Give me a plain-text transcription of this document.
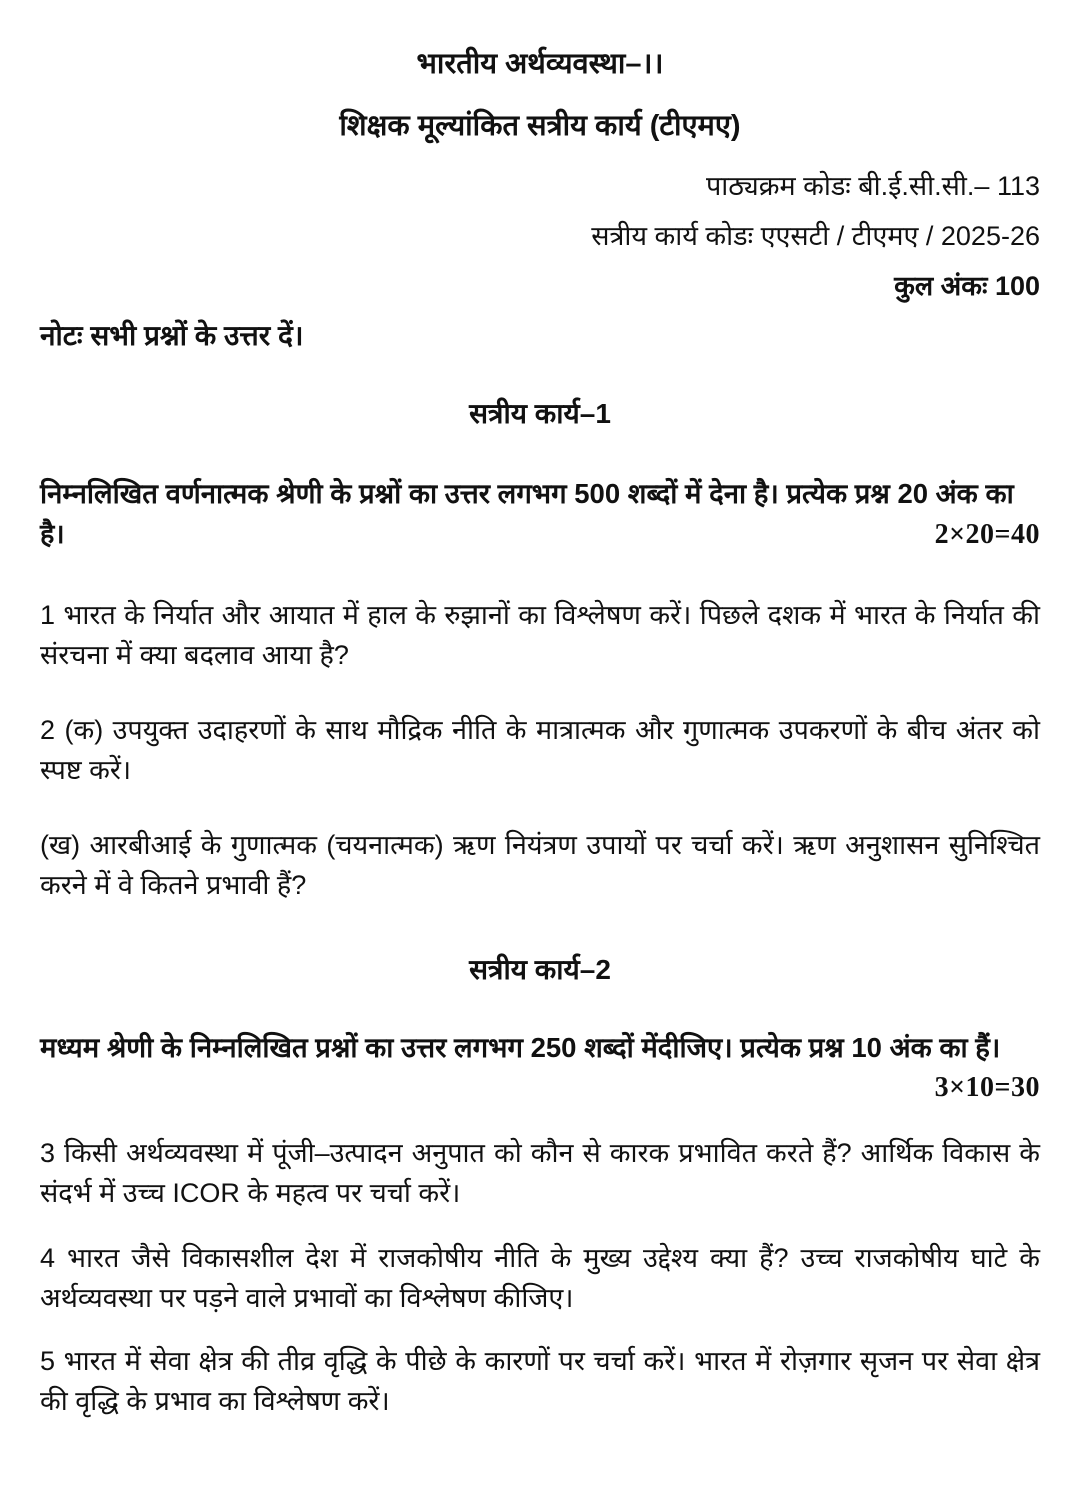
भारतीय अर्थव्यवस्था–।।
शिक्षक मूल्यांकित सत्रीय कार्य (टीएमए)
पाठ्यक्रम कोडः बी.ई.सी.सी.– 113
सत्रीय कार्य कोडः एएसटी / टीएमए / 2025-26
कुल अंकः 100
नोटः सभी प्रश्नों के उत्तर दें।
सत्रीय कार्य–1
निम्नलिखित वर्णनात्मक श्रेणी के प्रश्नों का उत्तर लगभग 500 शब्दों में देना है। प्रत्येक प्रश्न 20 अंक का
है।	2×20=40
1 भारत के निर्यात और आयात में हाल के रुझानों का विश्लेषण करें। पिछले दशक में भारत के निर्यात की संरचना में क्या बदलाव आया है?
2 (क) उपयुक्त उदाहरणों के साथ मौद्रिक नीति के मात्रात्मक और गुणात्मक उपकरणों के बीच अंतर को स्पष्ट करें।
(ख) आरबीआई के गुणात्मक (चयनात्मक) ऋण नियंत्रण उपायों पर चर्चा करें। ऋण अनुशासन सुनिश्चित करने में वे कितने प्रभावी हैं?
सत्रीय कार्य–2
मध्यम श्रेणी के निम्नलिखित प्रश्नों का उत्तर लगभग 250 शब्दों मेंदीजिए। प्रत्येक प्रश्न 10 अंक का हैं।
3×10=30
3 किसी अर्थव्यवस्था में पूंजी–उत्पादन अनुपात को कौन से कारक प्रभावित करते हैं? आर्थिक विकास के संदर्भ में उच्च ICOR के महत्व पर चर्चा करें।
4 भारत जैसे विकासशील देश में राजकोषीय नीति के मुख्य उद्देश्य क्या हैं? उच्च राजकोषीय घाटे के अर्थव्यवस्था पर पड़ने वाले प्रभावों का विश्लेषण कीजिए।
5 भारत में सेवा क्षेत्र की तीव्र वृद्धि के पीछे के कारणों पर चर्चा करें। भारत में रोज़गार सृजन पर सेवा क्षेत्र की वृद्धि के प्रभाव का विश्लेषण करें।
